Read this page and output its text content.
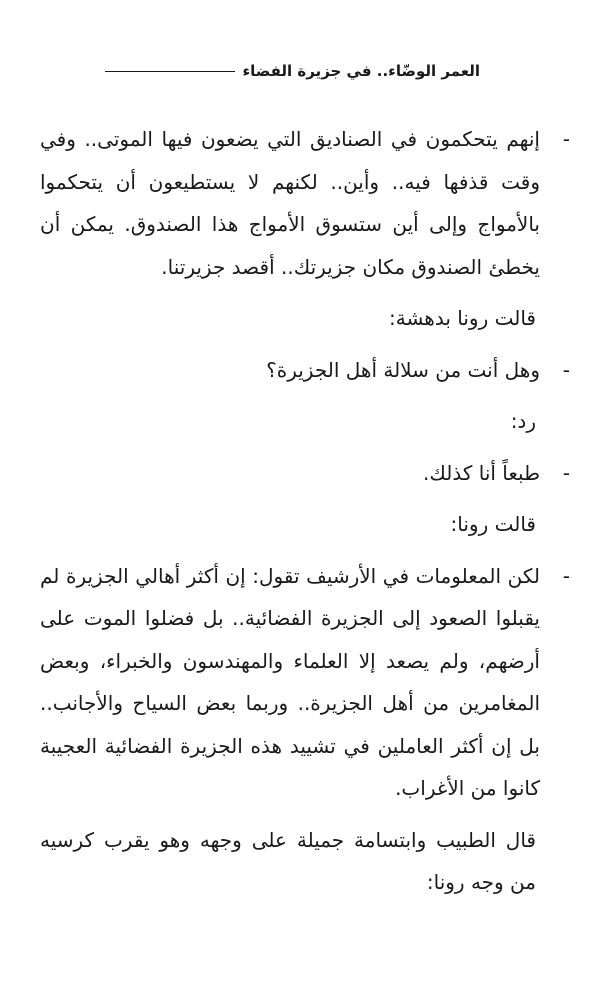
العمر الوضّاء.. في جزيرة الفضاء

-
إنهم يتحكمون في الصناديق التي يضعون فيها الموتى.. وفي وقت قذفها فيه.. وأين.. لكنهم لا يستطيعون أن يتحكموا بالأمواج وإلى أين ستسوق الأمواج هذا الصندوق. يمكن أن يخطئ الصندوق مكان جزيرتك.. أقصد جزيرتنا.

قالت رونا بدهشة:

-
وهل أنت من سلالة أهل الجزيرة؟

رد:

-
طبعاً أنا كذلك.

قالت رونا:

-
لكن المعلومات في الأرشيف تقول: إن أكثر أهالي الجزيرة لم يقبلوا الصعود إلى الجزيرة الفضائية.. بل فضلوا الموت على أرضهم، ولم يصعد إلا العلماء والمهندسون والخبراء، وبعض المغامرين من أهل الجزيرة.. وربما بعض السياح والأجانب.. بل إن أكثر العاملين في تشييد هذه الجزيرة الفضائية العجيبة كانوا من الأغراب.

قال الطبيب وابتسامة جميلة على وجهه وهو يقرب كرسيه من وجه رونا:
